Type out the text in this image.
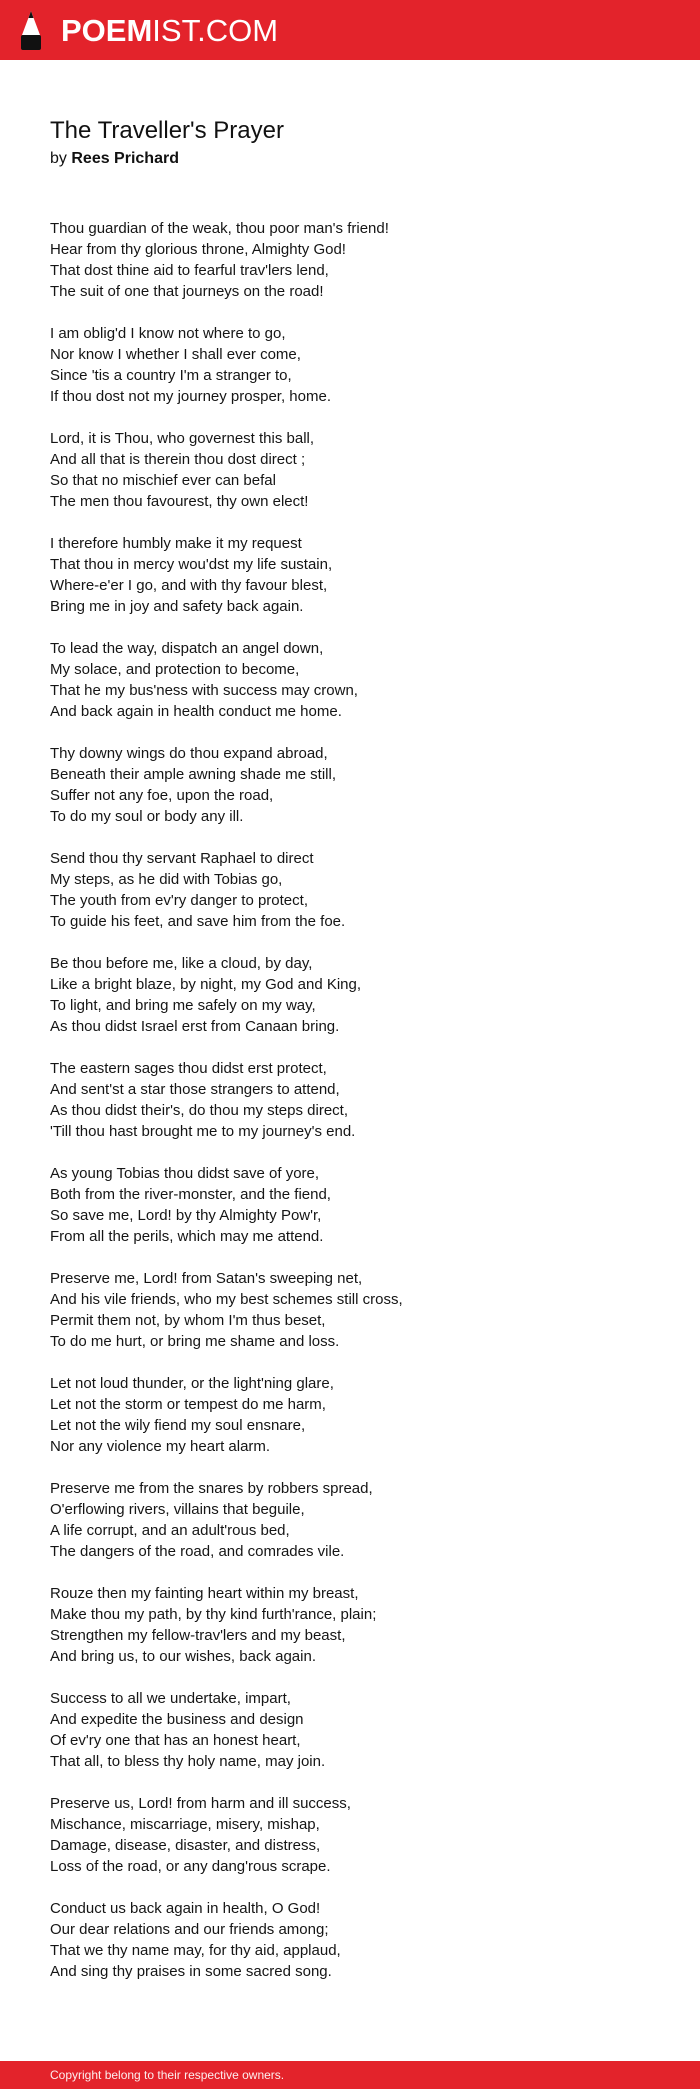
POEMIST.COM
The Traveller's Prayer
by Rees Prichard
Thou guardian of the weak, thou poor man's friend!
Hear from thy glorious throne, Almighty God!
That dost thine aid to fearful trav'lers lend,
The suit of one that journeys on the road!
I am oblig'd I know not where to go,
Nor know I whether I shall ever come,
Since 'tis a country I'm a stranger to,
If thou dost not my journey prosper, home.
Lord, it is Thou, who governest this ball,
And all that is therein thou dost direct ;
So that no mischief ever can befal
The men thou favourest, thy own elect!
I therefore humbly make it my request
That thou in mercy wou'dst my life sustain,
Where-e'er I go, and with thy favour blest,
Bring me in joy and safety back again.
To lead the way, dispatch an angel down,
My solace, and protection to become,
That he my bus'ness with success may crown,
And back again in health conduct me home.
Thy downy wings do thou expand abroad,
Beneath their ample awning shade me still,
Suffer not any foe, upon the road,
To do my soul or body any ill.
Send thou thy servant Raphael to direct
My steps, as he did with Tobias go,
The youth from ev'ry danger to protect,
To guide his feet, and save him from the foe.
Be thou before me, like a cloud, by day,
Like a bright blaze, by night, my God and King,
To light, and bring me safely on my way,
As thou didst Israel erst from Canaan bring.
The eastern sages thou didst erst protect,
And sent'st a star those strangers to attend,
As thou didst their's, do thou my steps direct,
'Till thou hast brought me to my journey's end.
As young Tobias thou didst save of yore,
Both from the river-monster, and the fiend,
So save me, Lord! by thy Almighty Pow'r,
From all the perils, which may me attend.
Preserve me, Lord! from Satan's sweeping net,
And his vile friends, who my best schemes still cross,
Permit them not, by whom I'm thus beset,
To do me hurt, or bring me shame and loss.
Let not loud thunder, or the light'ning glare,
Let not the storm or tempest do me harm,
Let not the wily fiend my soul ensnare,
Nor any violence my heart alarm.
Preserve me from the snares by robbers spread,
O'erflowing rivers, villains that beguile,
A life corrupt, and an adult'rous bed,
The dangers of the road, and comrades vile.
Rouze then my fainting heart within my breast,
Make thou my path, by thy kind furth'rance, plain;
Strengthen my fellow-trav'lers and my beast,
And bring us, to our wishes, back again.
Success to all we undertake, impart,
And expedite the business and design
Of ev'ry one that has an honest heart,
That all, to bless thy holy name, may join.
Preserve us, Lord! from harm and ill success,
Mischance, miscarriage, misery, mishap,
Damage, disease, disaster, and distress,
Loss of the road, or any dang'rous scrape.
Conduct us back again in health, O God!
Our dear relations and our friends among;
That we thy name may, for thy aid, applaud,
And sing thy praises in some sacred song.
Copyright belong to their respective owners.
